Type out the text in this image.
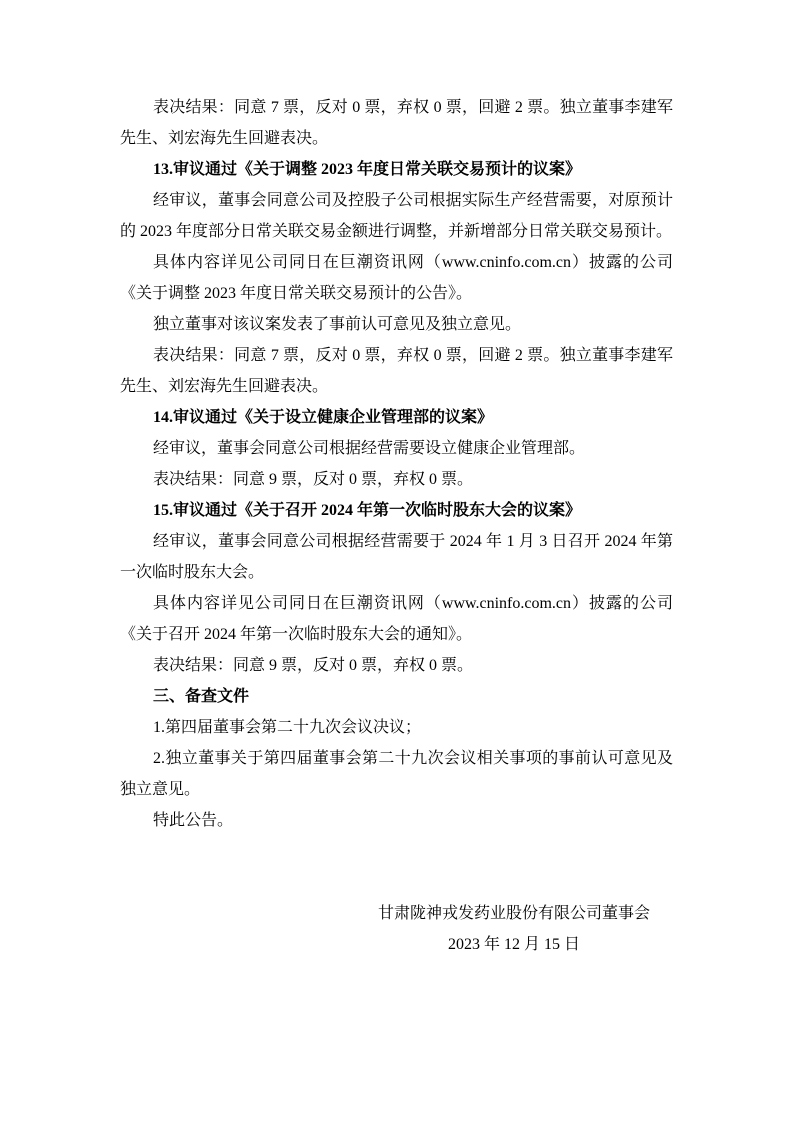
表决结果：同意 7 票，反对 0 票，弃权 0 票，回避 2 票。独立董事李建军先生、刘宏海先生回避表决。

13.审议通过《关于调整 2023 年度日常关联交易预计的议案》

经审议，董事会同意公司及控股子公司根据实际生产经营需要，对原预计的 2023 年度部分日常关联交易金额进行调整，并新增部分日常关联交易预计。

具体内容详见公司同日在巨潮资讯网（www.cninfo.com.cn）披露的公司《关于调整 2023 年度日常关联交易预计的公告》。

独立董事对该议案发表了事前认可意见及独立意见。

表决结果：同意 7 票，反对 0 票，弃权 0 票，回避 2 票。独立董事李建军先生、刘宏海先生回避表决。

14.审议通过《关于设立健康企业管理部的议案》

经审议，董事会同意公司根据经营需要设立健康企业管理部。

表决结果：同意 9 票，反对 0 票，弃权 0 票。

15.审议通过《关于召开 2024 年第一次临时股东大会的议案》

经审议，董事会同意公司根据经营需要于 2024 年 1 月 3 日召开 2024 年第一次临时股东大会。

具体内容详见公司同日在巨潮资讯网（www.cninfo.com.cn）披露的公司《关于召开 2024 年第一次临时股东大会的通知》。

表决结果：同意 9 票，反对 0 票，弃权 0 票。

三、备查文件

1.第四届董事会第二十九次会议决议；

2.独立董事关于第四届董事会第二十九次会议相关事项的事前认可意见及独立意见。

特此公告。

甘肃陇神戎发药业股份有限公司董事会
2023 年 12 月 15 日
